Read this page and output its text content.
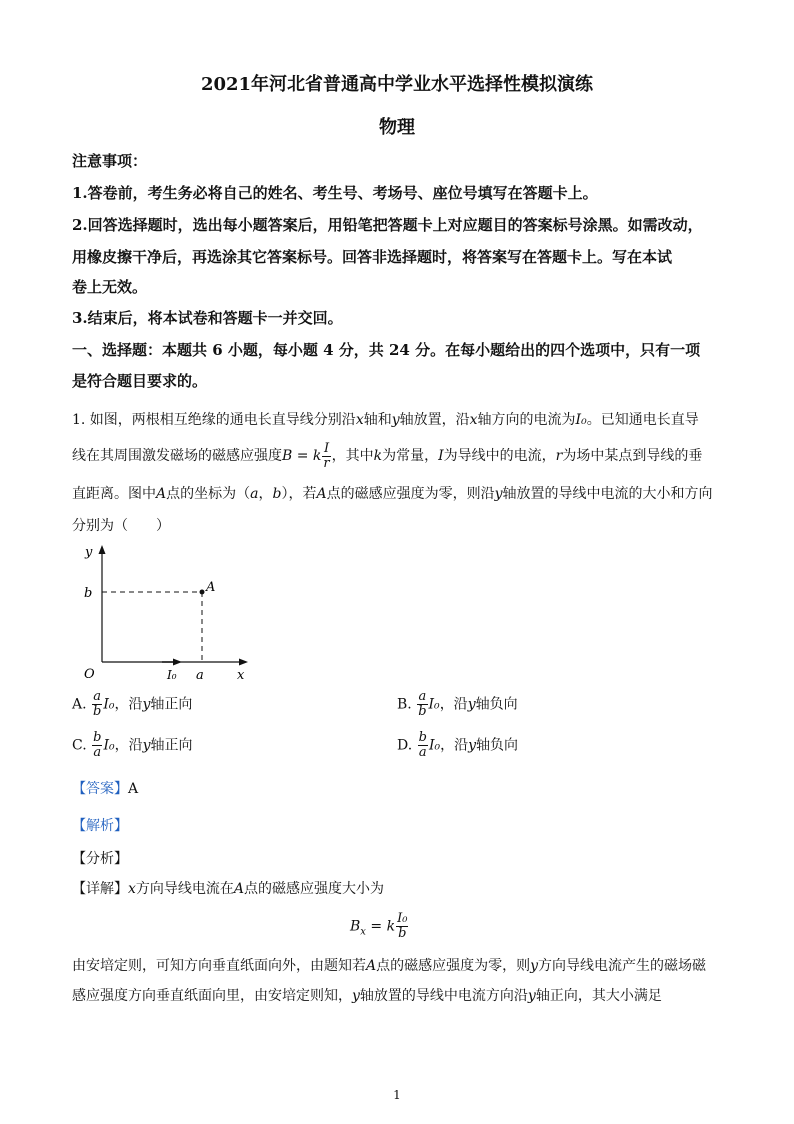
2021年河北省普通高中学业水平选择性模拟演练
物理
注意事项：
1.答卷前，考生务必将自己的姓名、考生号、考场号、座位号填写在答题卡上。
2.回答选择题时，选出每小题答案后，用铅笔把答题卡上对应题目的答案标号涂黑。如需改动，
用橡皮擦干净后，再选涂其它答案标号。回答非选择题时，将答案写在答题卡上。写在本试
卷上无效。
3.结束后，将本试卷和答题卡一并交回。
一、选择题：本题共 6 小题，每小题 4 分，共 24 分。在每小题给出的四个选项中，只有一项
是符合题目要求的。
1. 如图，两根相互绝缘的通电长直导线分别沿x轴和y轴放置，沿x轴方向的电流为I₀。已知通电长直导
线在其周围激发磁场的磁感应强度B = k $\frac{I}{r}$ ，其中k为常量，I为导线中的电流，r为场中某点到导线的垂
直距离。图中A点的坐标为（a，b），若A点的磁感应强度为零，则沿y轴放置的导线中电流的大小和方向
分别为（　　）
y
x
O
b
a
A
I₀
A. $\frac{a}{b} I_0$，沿y轴正向	B. $\frac{a}{b} I_0$，沿y轴负向
C. $\frac{b}{a} I_0$，沿y轴正向	D. $\frac{b}{a} I_0$，沿y轴负向
【答案】A
【解析】
【分析】
【详解】x方向导线电流在A点的磁感应强度大小为
$B_x = k \frac{\text{I₀}}{b}$
由安培定则，可知方向垂直纸面向外，由题知若A点的磁感应强度为零，则y方向导线电流产生的磁场磁
感应强度方向垂直纸面向里，由安培定则知，y轴放置的导线中电流方向沿y轴正向，其大小满足
1
